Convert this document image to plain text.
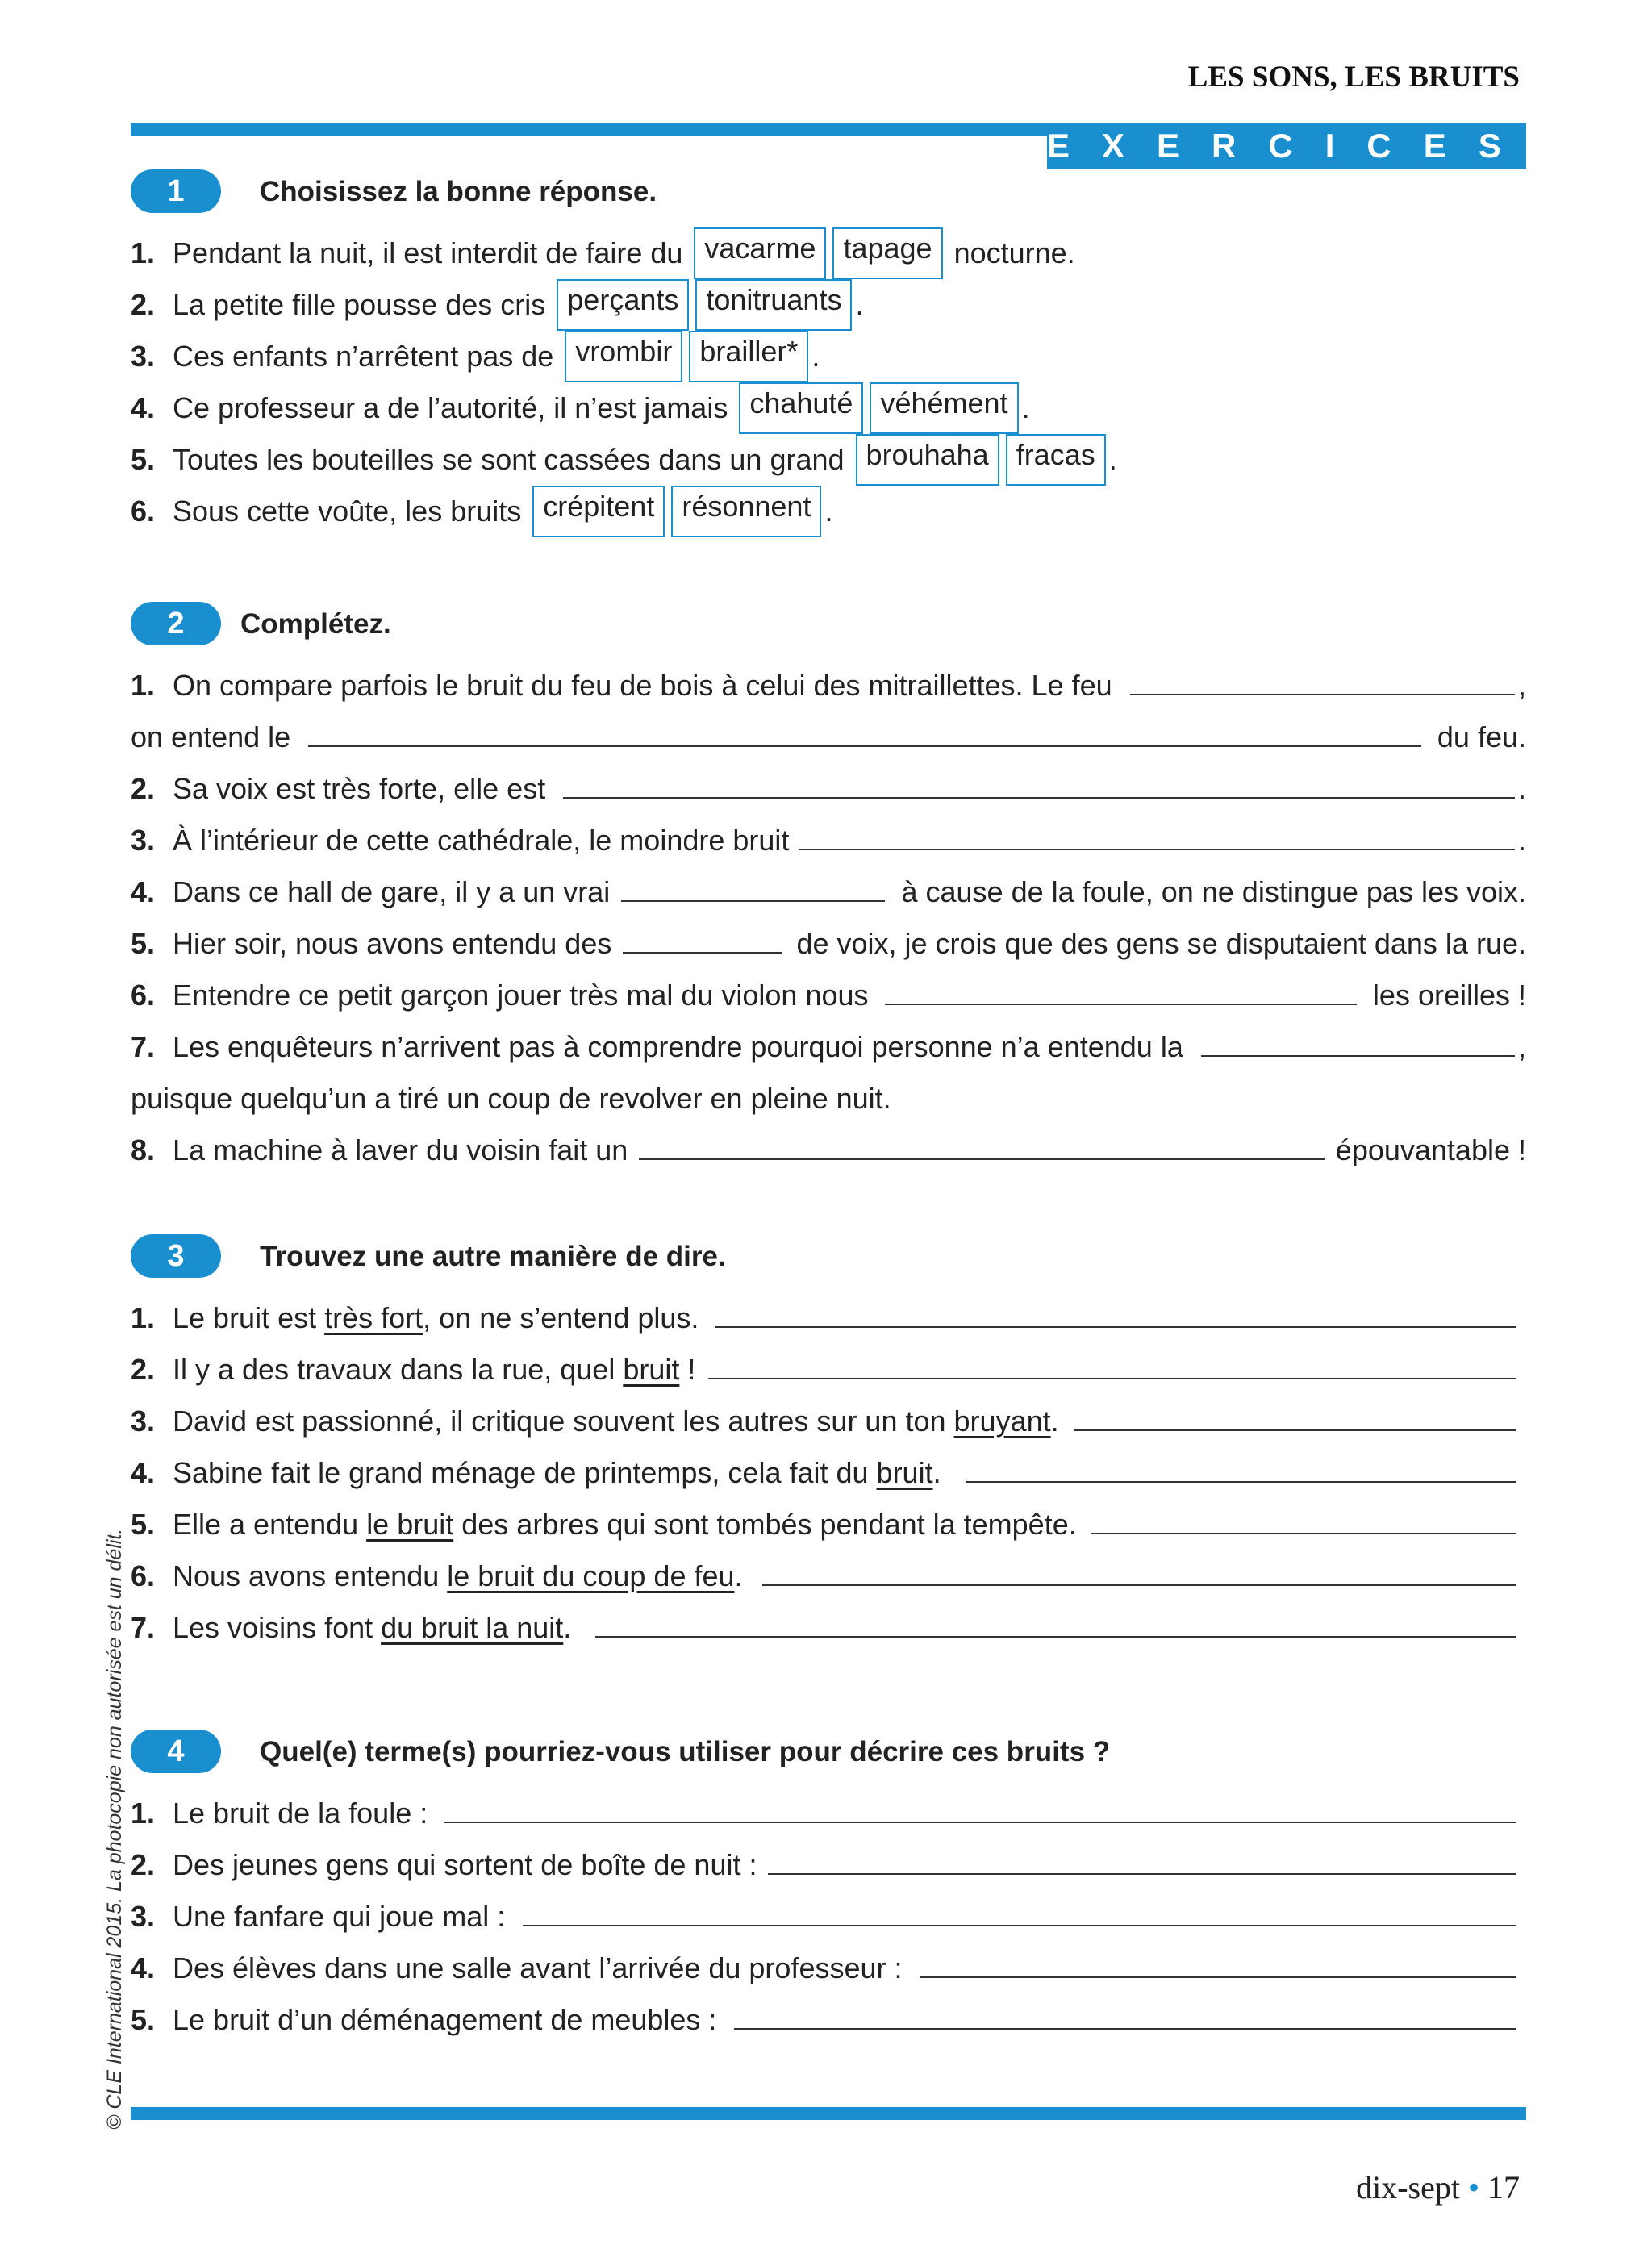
LES SONS, LES BRUITS
EXERCICES
1	Choisissez la bonne réponse.
1. Pendant la nuit, il est interdit de faire du
vacarme tapage
nocturne.
2. La petite fille pousse des cris
perçants tonitruants .
3. Ces enfants n’arrêtent pas de
vrombir brailler* .
4. Ce professeur a de l’autorité, il n’est jamais
chahuté véhément .
5. Toutes les bouteilles se sont cassées dans un grand
brouhaha fracas .
6. Sous cette voûte, les bruits
crépitent résonnent .
2	Complétez.
1. On compare parfois le bruit du feu de bois à celui des mitraillettes. Le feu	,
on entend le	du feu.
2. Sa voix est très forte, elle est	.
3. À l’intérieur de cette cathédrale, le moindre bruit	.
4. Dans ce hall de gare, il y a un vrai	à cause de la foule, on ne distingue pas les voix.
5. Hier soir, nous avons entendu des	de voix, je crois que des gens se disputaient dans la rue.
6. Entendre ce petit garçon jouer très mal du violon nous	les oreilles !
7. Les enquêteurs n’arrivent pas à comprendre pourquoi personne n’a entendu la	,
puisque quelqu’un a tiré un coup de revolver en pleine nuit.
8. La machine à laver du voisin fait un	épouvantable !
3	Trouvez une autre manière de dire.
1. Le bruit est très fort , on ne s’entend plus.
2. Il y a des travaux dans la rue, quel bruit !
3. David est passionné, il critique souvent les autres sur un ton bruyant .
4. Sabine fait le grand ménage de printemps, cela fait du bruit .
5. Elle a entendu le bruit des arbres qui sont tombés pendant la tempête.
6. Nous avons entendu le bruit du coup de feu .
7. Les voisins font du bruit la nuit .
4	Quel(e) terme(s) pourriez-vous utiliser pour décrire ces bruits ?
1. Le bruit de la foule :
2. Des jeunes gens qui sortent de boîte de nuit :
3. Une fanfare qui joue mal :
4. Des élèves dans une salle avant l’arrivée du professeur :
5. Le bruit d’un déménagement de meubles :
© CLE International 2015. La photocopie non autorisée est un délit.
dix-sept • 17
